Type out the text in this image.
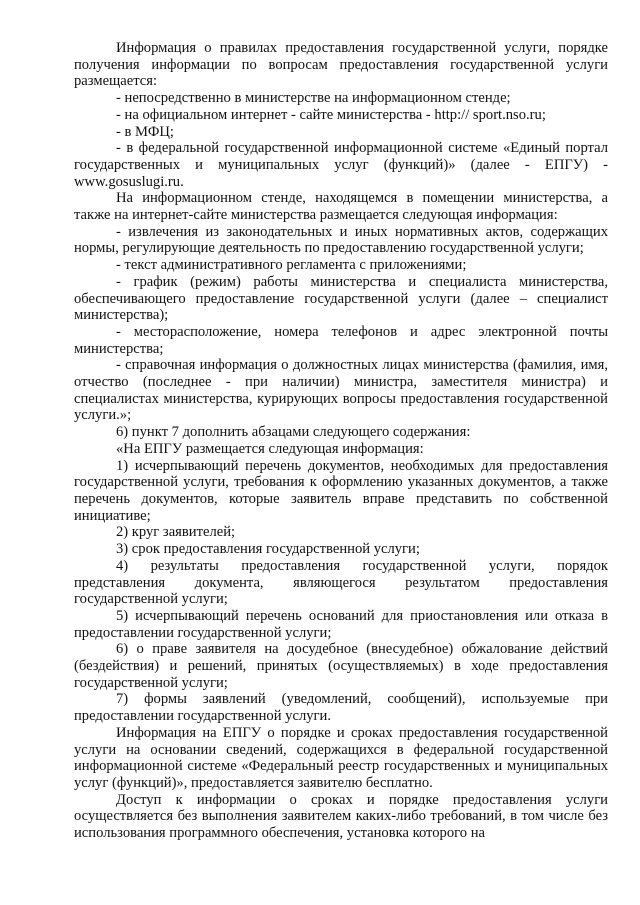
Информация о правилах предоставления государственной услуги, порядке получения информации по вопросам предоставления государственной услуги размещается:

- непосредственно в министерстве на информационном стенде;

- на официальном интернет - сайте министерства - http:// sport.nso.ru;

- в МФЦ;

- в федеральной государственной информационной системе «Единый портал государственных и муниципальных услуг (функций)» (далее - ЕПГУ) - www.gosuslugi.ru.

На информационном стенде, находящемся в помещении министерства, а также на интернет-сайте министерства размещается следующая информация:

- извлечения из законодательных и иных нормативных актов, содержащих нормы, регулирующие деятельность по предоставлению государственной услуги;

- текст административного регламента с приложениями;

- график (режим) работы министерства и специалиста министерства, обеспечивающего предоставление государственной услуги (далее – специалист министерства);

- месторасположение, номера телефонов и адрес электронной почты министерства;

- справочная информация о должностных лицах министерства (фамилия, имя, отчество (последнее - при наличии) министра, заместителя министра) и специалистах министерства, курирующих вопросы предоставления государственной услуги.»;

6) пункт 7 дополнить абзацами следующего содержания:

«На ЕПГУ размещается следующая информация:

1) исчерпывающий перечень документов, необходимых для предоставления государственной услуги, требования к оформлению указанных документов, а также перечень документов, которые заявитель вправе представить по собственной инициативе;

2) круг заявителей;

3) срок предоставления государственной услуги;

4) результаты предоставления государственной услуги, порядок представления документа, являющегося результатом предоставления государственной услуги;

5) исчерпывающий перечень оснований для приостановления или отказа в предоставлении государственной услуги;

6) о праве заявителя на досудебное (внесудебное) обжалование действий (бездействия) и решений, принятых (осуществляемых) в ходе предоставления государственной услуги;

7) формы заявлений (уведомлений, сообщений), используемые при предоставлении государственной услуги.

Информация на ЕПГУ о порядке и сроках предоставления государственной услуги на основании сведений, содержащихся в федеральной государственной информационной системе «Федеральный реестр государственных и муниципальных услуг (функций)», предоставляется заявителю бесплатно.

Доступ к информации о сроках и порядке предоставления услуги осуществляется без выполнения заявителем каких-либо требований, в том числе без использования программного обеспечения, установка которого на
